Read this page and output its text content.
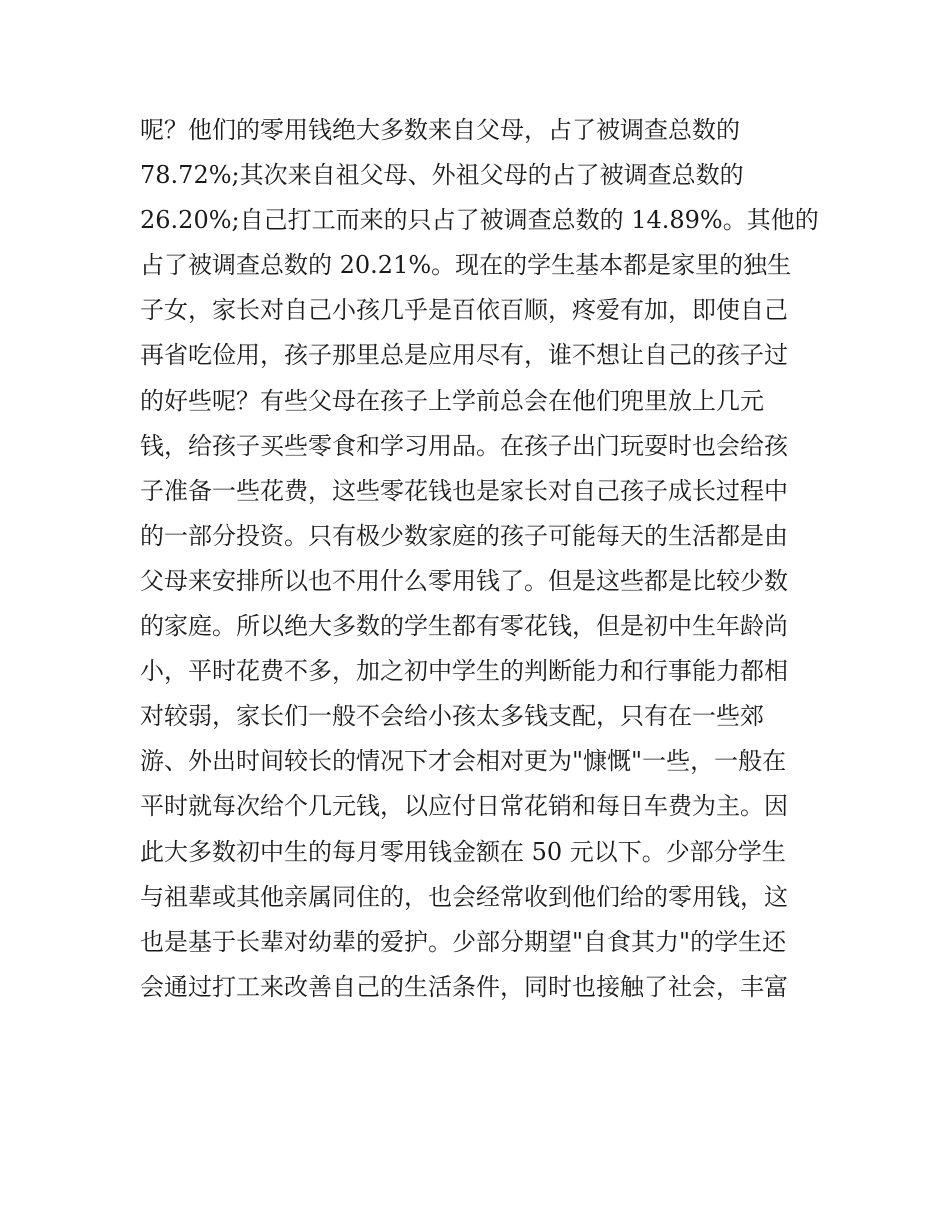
呢？他们的零用钱绝大多数来自父母，占了被调查总数的
78.72%;其次来自祖父母、外祖父母的占了被调查总数的
26.20%;自己打工而来的只占了被调查总数的 14.89%。其他的
占了被调查总数的 20.21%。现在的学生基本都是家里的独生
子女，家长对自己小孩几乎是百依百顺，疼爱有加，即使自己
再省吃俭用，孩子那里总是应用尽有，谁不想让自己的孩子过
的好些呢？有些父母在孩子上学前总会在他们兜里放上几元
钱，给孩子买些零食和学习用品。在孩子出门玩耍时也会给孩
子准备一些花费，这些零花钱也是家长对自己孩子成长过程中
的一部分投资。只有极少数家庭的孩子可能每天的生活都是由
父母来安排所以也不用什么零用钱了。但是这些都是比较少数
的家庭。所以绝大多数的学生都有零花钱，但是初中生年龄尚
小，平时花费不多，加之初中学生的判断能力和行事能力都相
对较弱，家长们一般不会给小孩太多钱支配，只有在一些郊
游、外出时间较长的情况下才会相对更为"慷慨"一些，一般在
平时就每次给个几元钱，以应付日常花销和每日车费为主。因
此大多数初中生的每月零用钱金额在 50 元以下。少部分学生
与祖辈或其他亲属同住的，也会经常收到他们给的零用钱，这
也是基于长辈对幼辈的爱护。少部分期望"自食其力"的学生还
会通过打工来改善自己的生活条件，同时也接触了社会，丰富
